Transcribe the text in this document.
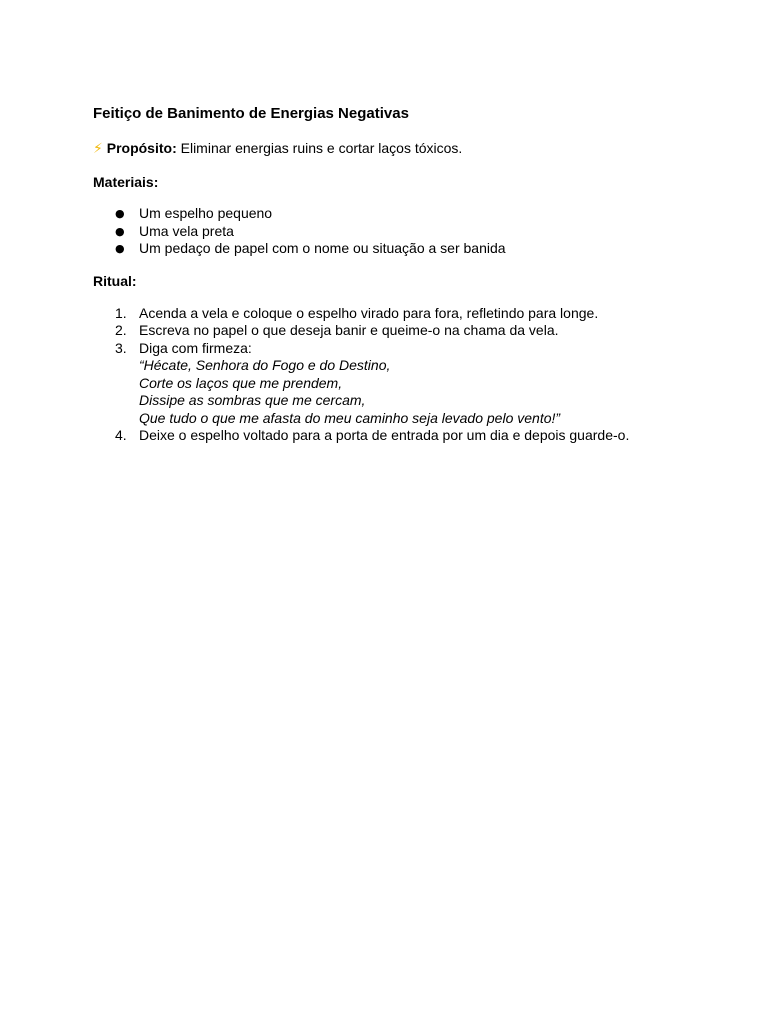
Feitiço de Banimento de Energias Negativas
⚡ Propósito: Eliminar energias ruins e cortar laços tóxicos.
Materiais:
● Um espelho pequeno
● Uma vela preta
● Um pedaço de papel com o nome ou situação a ser banida
Ritual:
1. Acenda a vela e coloque o espelho virado para fora, refletindo para longe.
2. Escreva no papel o que deseja banir e queime-o na chama da vela.
3. Diga com firmeza:
“Hécate, Senhora do Fogo e do Destino,
Corte os laços que me prendem,
Dissipe as sombras que me cercam,
Que tudo o que me afasta do meu caminho seja levado pelo vento!”
4. Deixe o espelho voltado para a porta de entrada por um dia e depois guarde-o.
